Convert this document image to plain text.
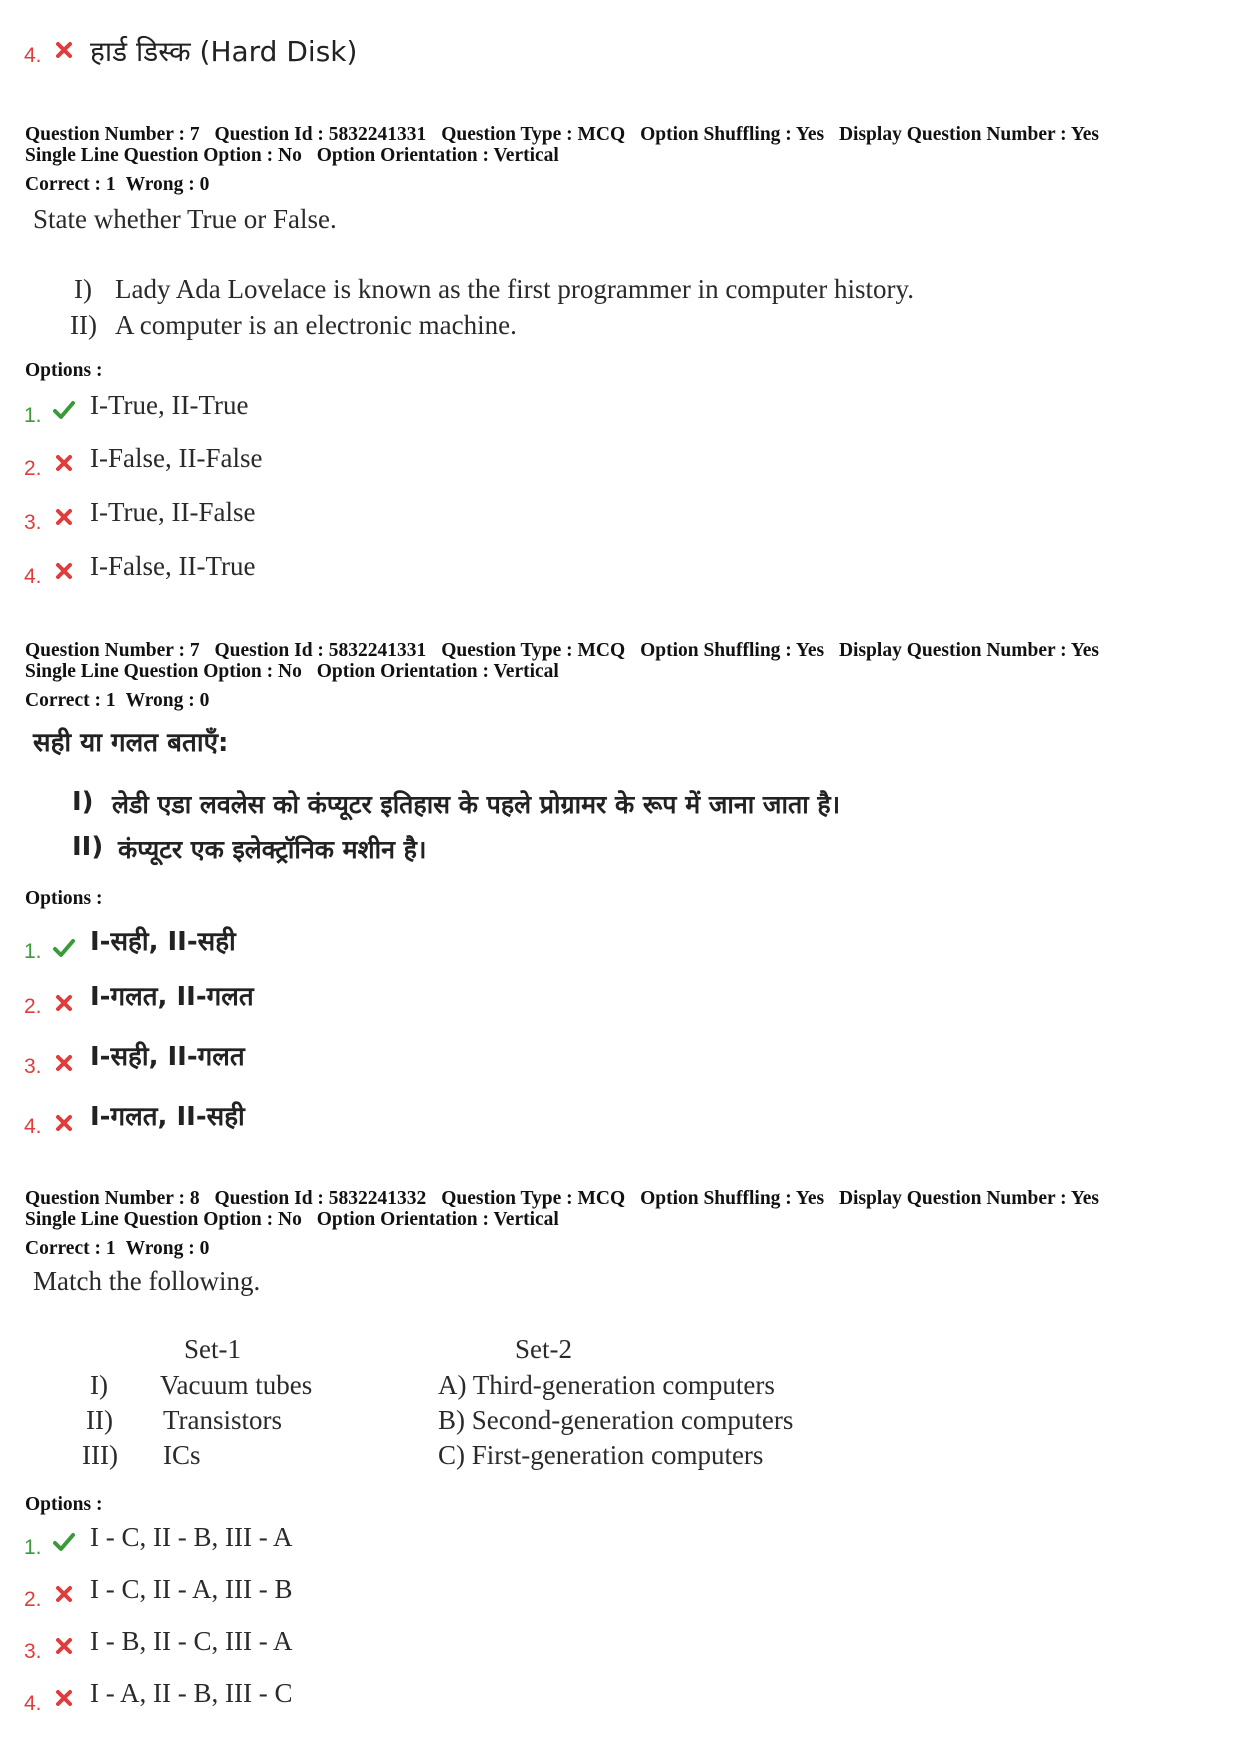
4. हार्ड डिस्क (Hard Disk)
Question Number : 7 Question Id : 5832241331 Question Type : MCQ Option Shuffling : Yes Display Question Number : Yes
Single Line Question Option : No Option Orientation : Vertical
Correct : 1 Wrong : 0
State whether True or False.
I) Lady Ada Lovelace is known as the first programmer in computer history.
II) A computer is an electronic machine.
Options :
1. I-True, II-True
2. I-False, II-False
3. I-True, II-False
4. I-False, II-True
Question Number : 7 Question Id : 5832241331 Question Type : MCQ Option Shuffling : Yes Display Question Number : Yes
Single Line Question Option : No Option Orientation : Vertical
Correct : 1 Wrong : 0
सही या गलत बताएँ:
I) लेडी एडा लवलेस को कंप्यूटर इतिहास के पहले प्रोग्रामर के रूप में जाना जाता है।
II) कंप्यूटर एक इलेक्ट्रॉनिक मशीन है।
Options :
1. I-सही, II-सही
2. I-गलत, II-गलत
3. I-सही, II-गलत
4. I-गलत, II-सही
Question Number : 8 Question Id : 5832241332 Question Type : MCQ Option Shuffling : Yes Display Question Number : Yes
Single Line Question Option : No Option Orientation : Vertical
Correct : 1 Wrong : 0
Match the following.
Set-1	Set-2
I) Vacuum tubes	A) Third-generation computers
II) Transistors	B) Second-generation computers
III) ICs	C) First-generation computers
Options :
1. I - C, II - B, III - A
2. I - C, II - A, III - B
3. I - B, II - C, III - A
4. I - A, II - B, III - C
